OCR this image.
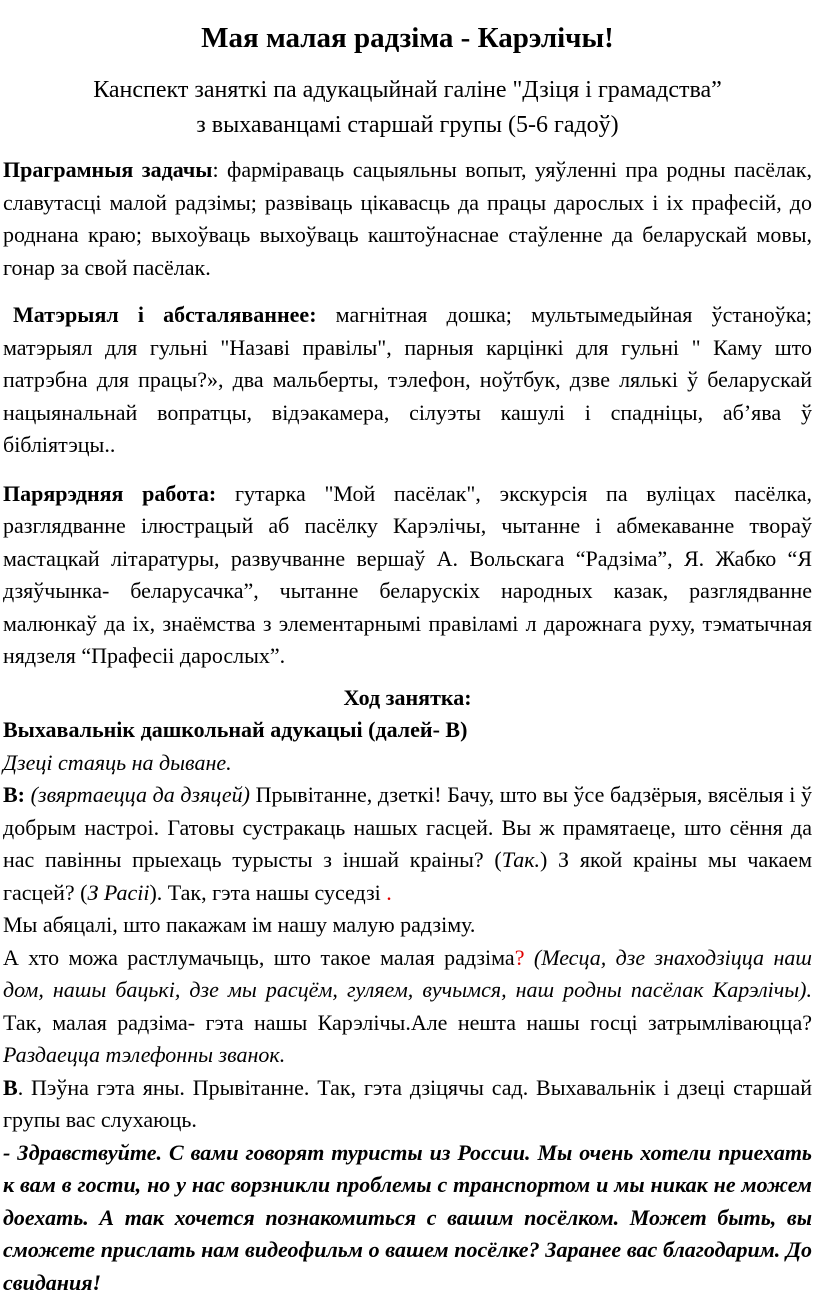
Мая малая радзіма - Карэлічы!
Канспект заняткі па адукацыйнай галіне "Дзіця і грамадства”
з выхаванцамі старшай групы (5-6 гадоў)

Праграмныя задачы: фарміраваць сацыяльны вопыт, уяўленні пра родны пасёлак, славутасці малой радзімы; развіваць цікавасць да працы дарослых і іх прафесій, до роднана краю; выхоўваць выхоўваць каштоўнаснае стаўленне да беларускай мовы, гонар за свой пасёлак.

Матэрыял і абсталяваннее: магнітная дошка; мультымедыйная ўстаноўка; матэрыял для гульні "Назаві правілы", парныя карцінкі для гульні " Каму што патрэбна для працы?», два мальберты, тэлефон, ноўтбук, дзве лялькі ў беларускай нацыянальнай вопратцы, відэакамера, сілуэты кашулі і спадніцы, аб’ява ў бібліятэцы..

Парярэдняя работа: гутарка "Мой пасёлак", экскурсія па вуліцах пасёлка, разглядванне ілюстрацый аб пасёлку Карэлічы, чытанне і абмекаванне твораў мастацкай літаратуры, развучванне вершаў А. Вольскага “Радзіма”, Я. Жабко “Я дзяўчынка- беларусачка”, чытанне беларускіх народных казак, разглядванне малюнкаў да іх, знаёмства з элементарнымі правіламі л дарожнага руху, тэматычная нядзеля “Прафесіі дарослых”.

Ход занятка:

Выхавальнік дашкольнай адукацыі (далей- В)

Дзеці стаяць на дыване.

В: (звяртаецца да дзяцей) Прывітанне, дзеткі! Бачу, што вы ўсе бадзёрыя, вясёлыя і ў добрым настроі. Гатовы сустракаць нашых гасцей. Вы ж прамятаеце, што сёння да нас павінны прыехаць турысты з іншай краіны? (Так.) З якой краіны мы чакаем гасцей? (З Расіі). Так, гэта нашы суседзі .

Мы абяцалі, што пакажам ім нашу малую радзіму.

А хто можа растлумачыць, што такое малая радзіма? (Месца, дзе знаходзіцца наш дом, нашы бацькі, дзе мы расцём, гуляем, вучымся, наш родны пасёлак Карэлічы). Так, малая радзіма- гэта нашы Карэлічы.Але нешта нашы госці затрымліваюцца? Раздаецца тэлефонны званок.

В. Пэўна гэта яны. Прывітанне. Так, гэта дзіцячы сад. Выхавальнік і дзеці старшай групы вас слухаюць.

- Здравствуйте. С вами говорят туристы из России. Мы очень хотели приехать к вам в гости, но у нас ворзникли проблемы с транспортом и мы никак не можем доехать. А так хочется познакомиться с вашим посёлком. Может быть, вы сможете прислать нам видеофильм о вашем посёлке? Заранее вас благодарим. До свидания!
